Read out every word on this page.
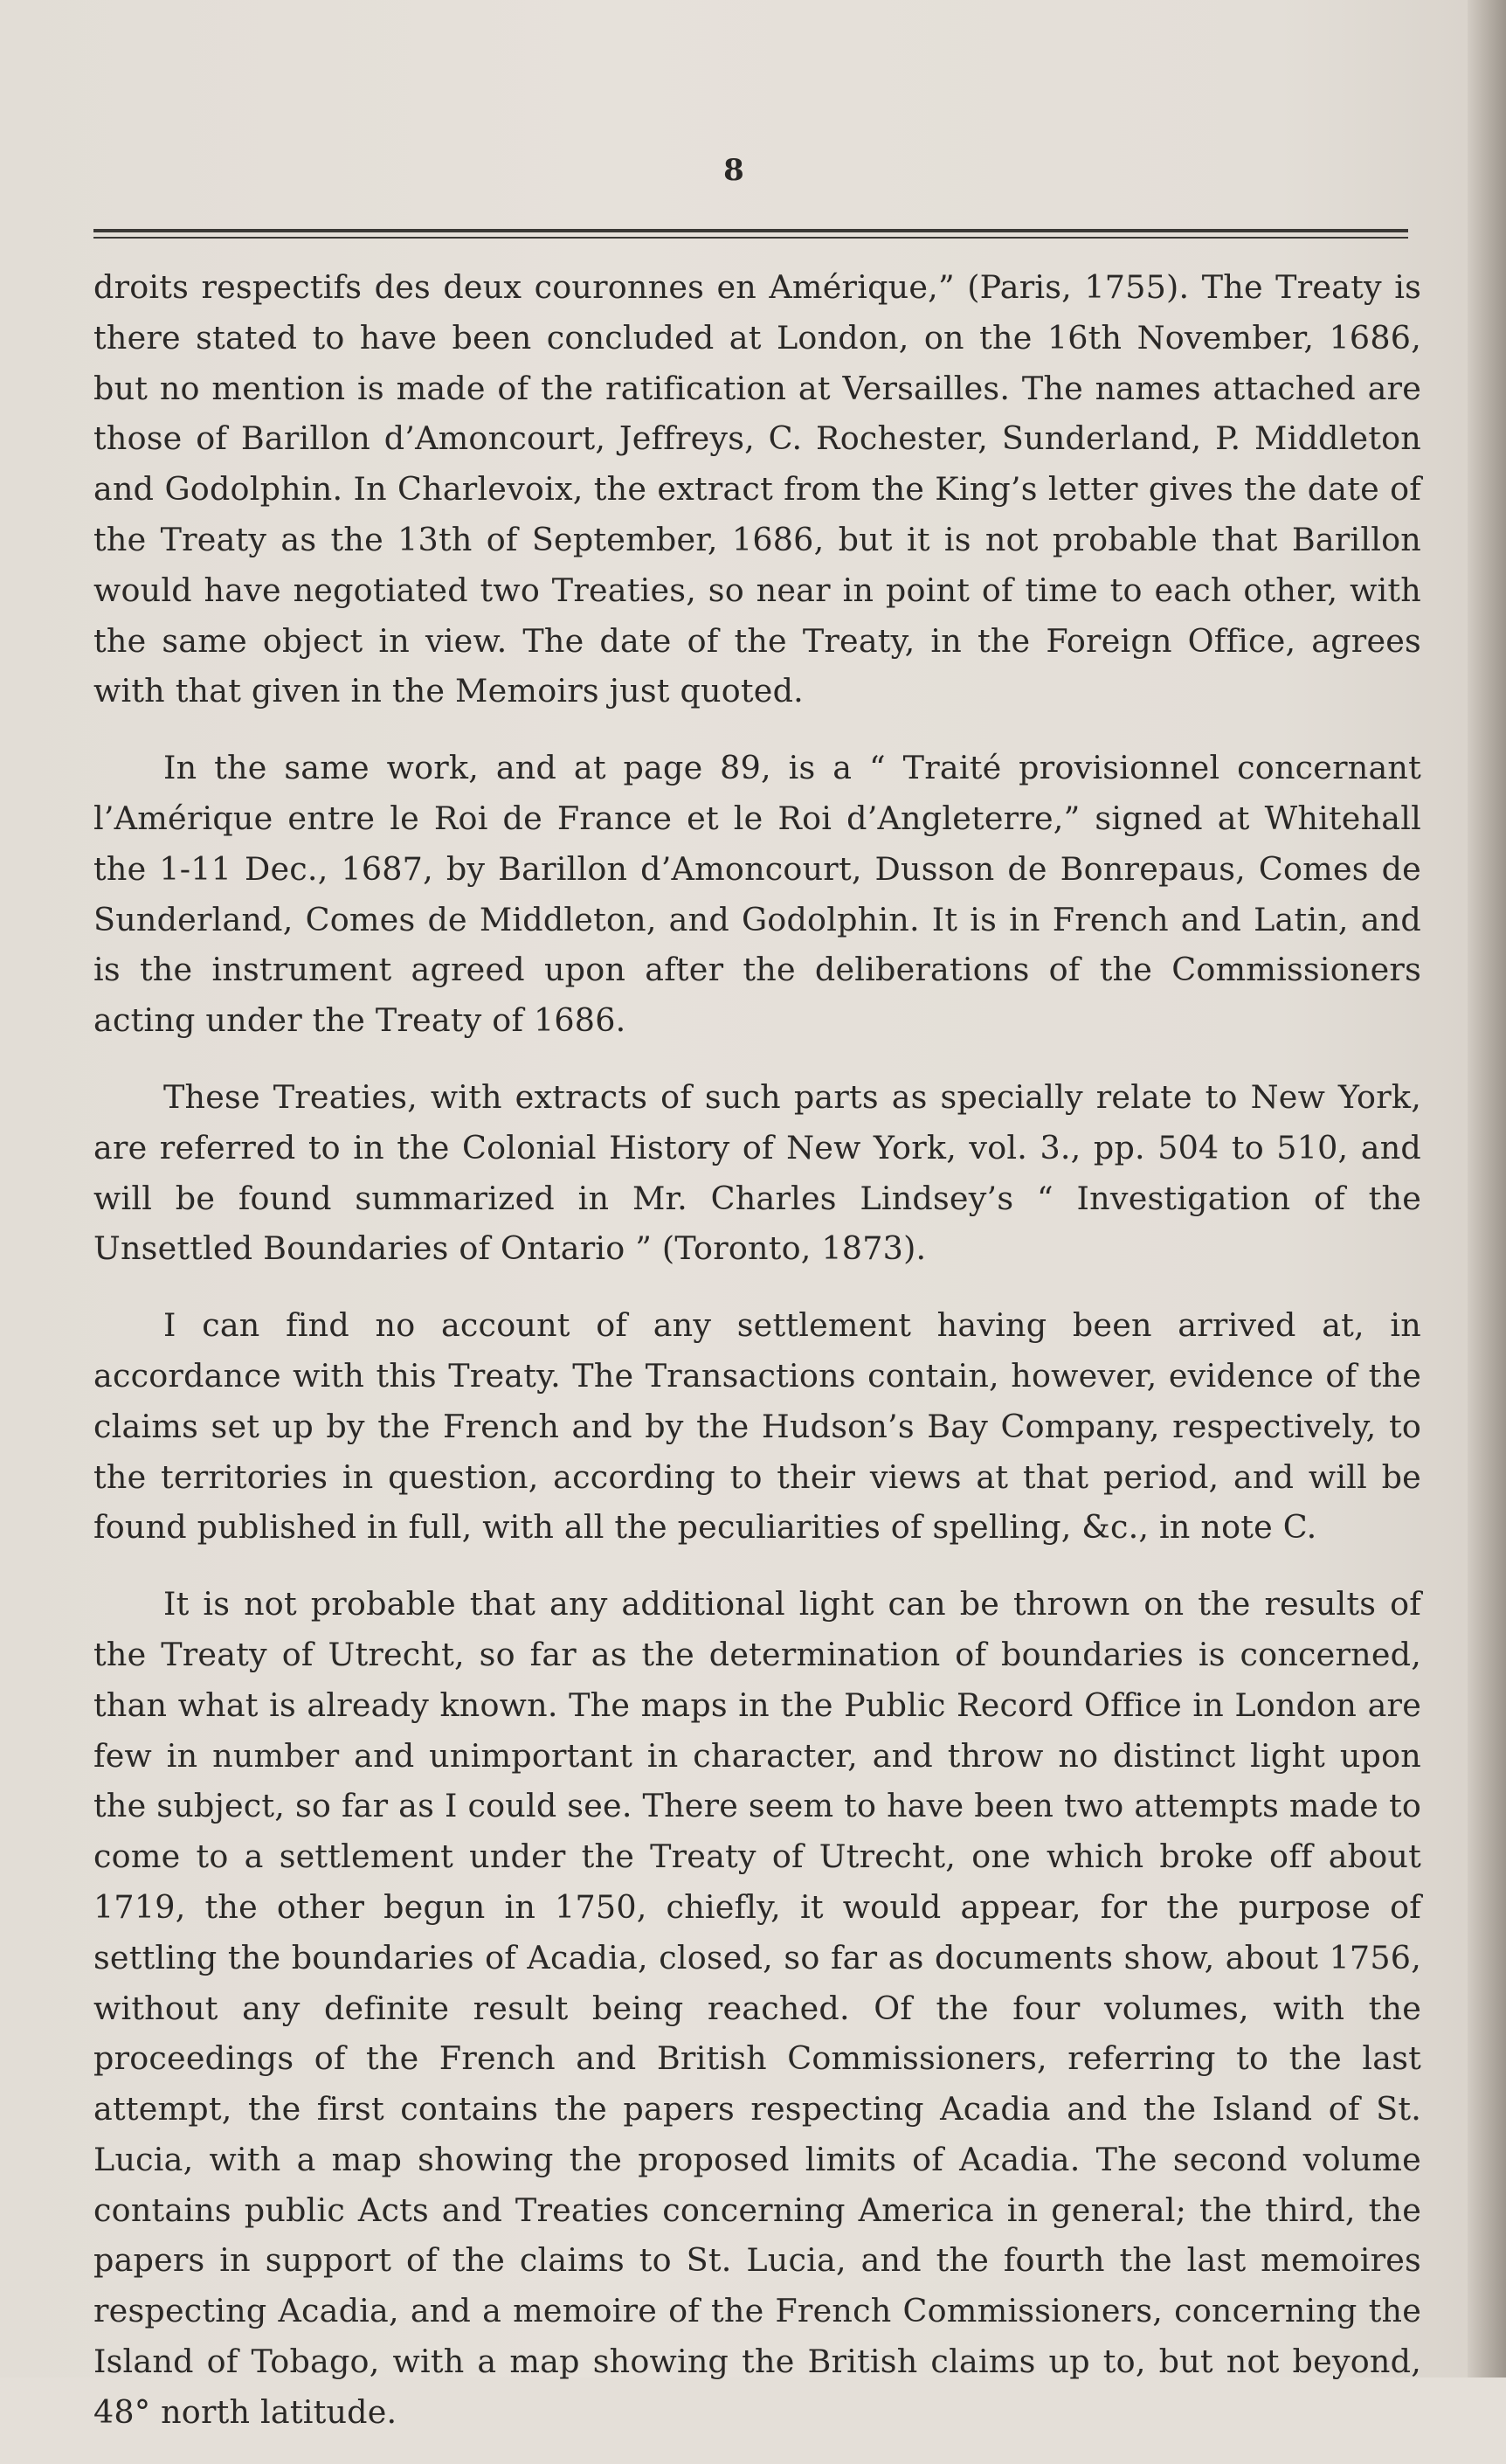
8

droits respectifs des deux couronnes en Amérique,” (Paris, 1755). The Treaty is there stated to have been concluded at London, on the 16th November, 1686, but no mention is made of the ratification at Versailles. The names attached are those of Barillon d’Amoncourt, Jeffreys, C. Rochester, Sunderland, P. Middleton and Godolphin. In Charlevoix, the extract from the King’s letter gives the date of the Treaty as the 13th of September, 1686, but it is not probable that Barillon would have negotiated two Treaties, so near in point of time to each other, with the same object in view. The date of the Treaty, in the Foreign Office, agrees with that given in the Memoirs just quoted.

In the same work, and at page 89, is a “ Traité provisionnel concernant l’Amérique entre le Roi de France et le Roi d’Angleterre,” signed at Whitehall the 1-11 Dec., 1687, by Barillon d’Amoncourt, Dusson de Bonrepaus, Comes de Sunderland, Comes de Middleton, and Godolphin. It is in French and Latin, and is the instrument agreed upon after the deliberations of the Commissioners acting under the Treaty of 1686.

These Treaties, with extracts of such parts as specially relate to New York, are referred to in the Colonial History of New York, vol. 3., pp. 504 to 510, and will be found summarized in Mr. Charles Lindsey’s “ Investigation of the Unsettled Boundaries of Ontario ” (Toronto, 1873).

I can find no account of any settlement having been arrived at, in accordance with this Treaty. The Transactions contain, however, evidence of the claims set up by the French and by the Hudson’s Bay Company, respectively, to the territories in question, according to their views at that period, and will be found published in full, with all the peculiarities of spelling, &c., in note C.

It is not probable that any additional light can be thrown on the results of the Treaty of Utrecht, so far as the determination of boundaries is concerned, than what is already known. The maps in the Public Record Office in London are few in number and unimportant in character, and throw no distinct light upon the subject, so far as I could see. There seem to have been two attempts made to come to a settlement under the Treaty of Utrecht, one which broke off about 1719, the other begun in 1750, chiefly, it would appear, for the purpose of settling the boundaries of Acadia, closed, so far as documents show, about 1756, without any definite result being reached. Of the four volumes, with the proceedings of the French and British Commissioners, referring to the last attempt, the first contains the papers respecting Acadia and the Island of St. Lucia, with a map showing the proposed limits of Acadia. The second volume contains public Acts and Treaties concerning America in general; the third, the papers in support of the claims to St. Lucia, and the fourth the last memoires respecting Acadia, and a memoire of the French Commissioners, concerning the Island of Tobago, with a map showing the British claims up to, but not beyond, 48° north latitude.
